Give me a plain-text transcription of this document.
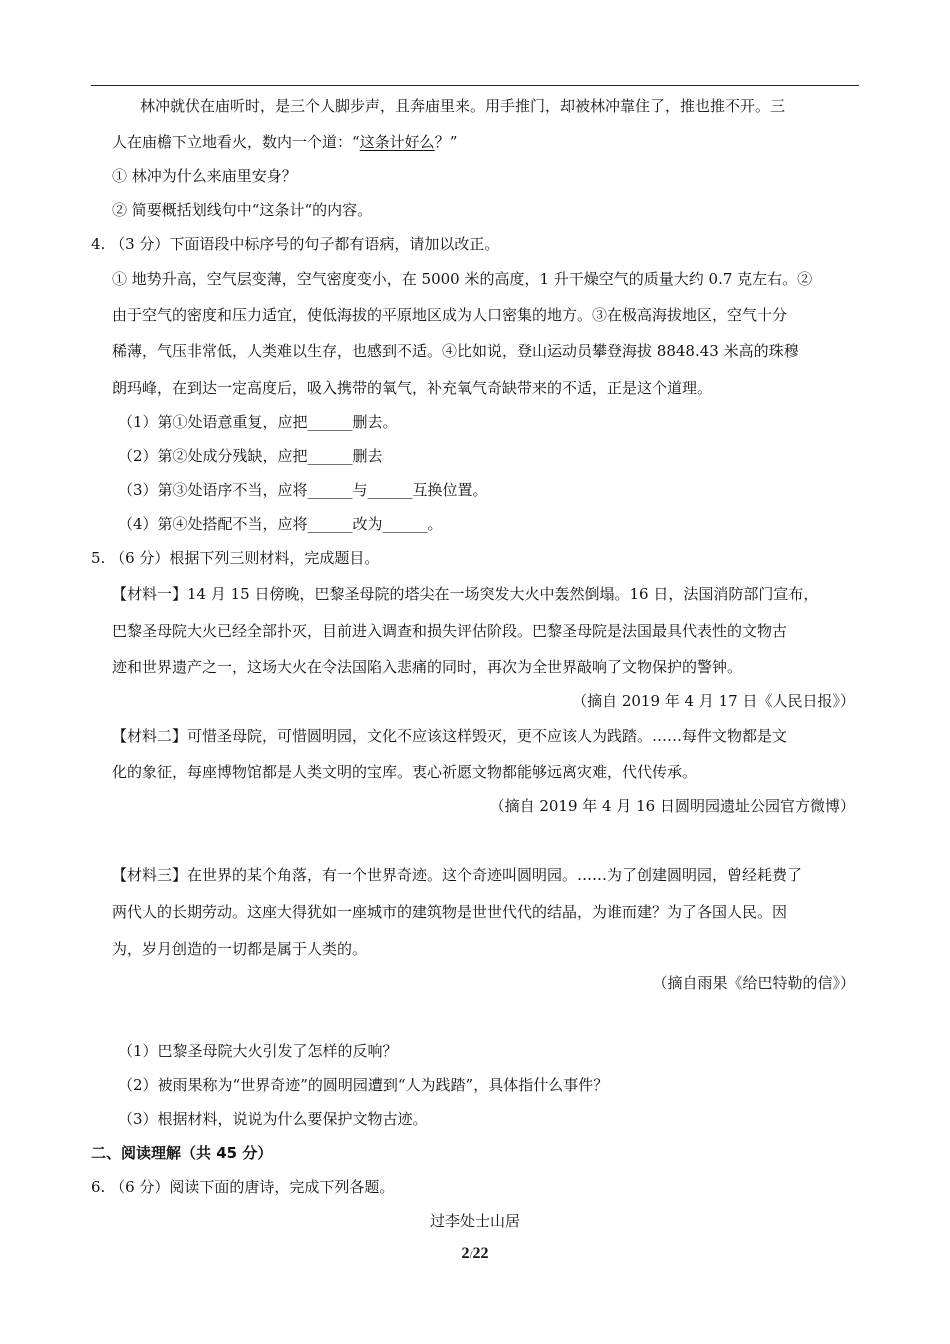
林冲就伏在庙听时，是三个人脚步声，且奔庙里来。用手推门，却被林冲靠住了，推也推不开。三
人在庙檐下立地看火，数内一个道：“这条计好么？”
① 林冲为什么来庙里安身？
② 简要概括划线句中“这条计“的内容。
4. （3 分）下面语段中标序号的句子都有语病，请加以改正。
① 地势升高，空气层变薄，空气密度变小，在 5000 米的高度，1 升干燥空气的质量大约 0.7 克左右。②
由于空气的密度和压力适宜，使低海拔的平原地区成为人口密集的地方。③在极高海拔地区，空气十分
稀薄，气压非常低，人类难以生存，也感到不适。④比如说，登山运动员攀登海拔 8848.43 米高的珠穆
朗玛峰，在到达一定高度后，吸入携带的氧气，补充氧气奇缺带来的不适，正是这个道理。
（1）第①处语意重复，应把______删去。
（2）第②处成分残缺，应把______删去
（3）第③处语序不当，应将______与______互换位置。
（4）第④处搭配不当，应将______改为______。
5. （6 分）根据下列三则材料，完成题目。
【材料一】14 月 15 日傍晚，巴黎圣母院的塔尖在一场突发大火中轰然倒塌。16 日，法国消防部门宣布，
巴黎圣母院大火已经全部扑灭，目前进入调查和损失评估阶段。巴黎圣母院是法国最具代表性的文物古
迹和世界遗产之一，这场大火在令法国陷入悲痛的同时，再次为全世界敲响了文物保护的警钟。
（摘自 2019 年 4 月 17 日《人民日报》）
【材料二】可惜圣母院，可惜圆明园，文化不应该这样毁灭，更不应该人为践踏。……每件文物都是文
化的象征，每座博物馆都是人类文明的宝库。衷心祈愿文物都能够远离灾难，代代传承。
（摘自 2019 年 4 月 16 日圆明园遗址公园官方微博）
【材料三】在世界的某个角落，有一个世界奇迹。这个奇迹叫圆明园。……为了创建圆明园，曾经耗费了
两代人的长期劳动。这座大得犹如一座城市的建筑物是世世代代的结晶，为谁而建？为了各国人民。因
为，岁月创造的一切都是属于人类的。
（摘自雨果《给巴特勒的信》）
（1）巴黎圣母院大火引发了怎样的反响？
（2）被雨果称为“世界奇迹”的圆明园遭到“人为践踏”，具体指什么事件？
（3）根据材料，说说为什么要保护文物古迹。
二、阅读理解（共 45 分）
6. （6 分）阅读下面的唐诗，完成下列各题。
过李处士山居
2/22
